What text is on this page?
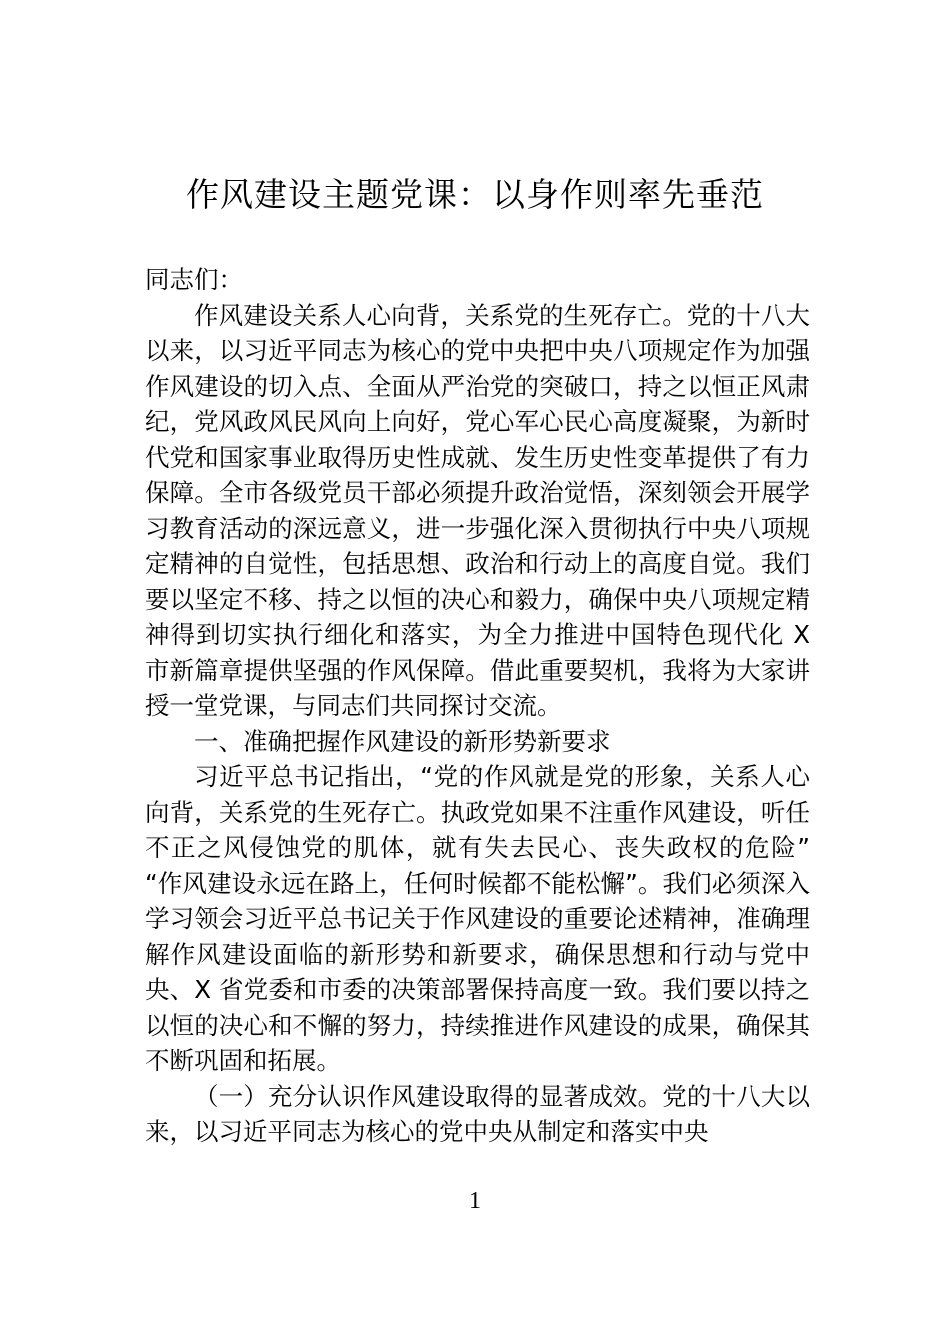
作风建设主题党课：以身作则率先垂范

同志们：

作风建设关系人心向背，关系党的生死存亡。党的十八大以来，以习近平同志为核心的党中央把中央八项规定作为加强作风建设的切入点、全面从严治党的突破口，持之以恒正风肃纪，党风政风民风向上向好，党心军心民心高度凝聚，为新时代党和国家事业取得历史性成就、发生历史性变革提供了有力保障。全市各级党员干部必须提升政治觉悟，深刻领会开展学习教育活动的深远意义，进一步强化深入贯彻执行中央八项规定精神的自觉性，包括思想、政治和行动上的高度自觉。我们要以坚定不移、持之以恒的决心和毅力，确保中央八项规定精神得到切实执行细化和落实，为全力推进中国特色现代化 X 市新篇章提供坚强的作风保障。借此重要契机，我将为大家讲授一堂党课，与同志们共同探讨交流。

一、准确把握作风建设的新形势新要求

习近平总书记指出，“党的作风就是党的形象，关系人心向背，关系党的生死存亡。执政党如果不注重作风建设，听任不正之风侵蚀党的肌体，就有失去民心、丧失政权的危险” “作风建设永远在路上，任何时候都不能松懈”。我们必须深入学习领会习近平总书记关于作风建设的重要论述精神，准确理解作风建设面临的新形势和新要求，确保思想和行动与党中央、X 省党委和市委的决策部署保持高度一致。我们要以持之以恒的决心和不懈的努力，持续推进作风建设的成果，确保其不断巩固和拓展。

（一）充分认识作风建设取得的显著成效。党的十八大以来，以习近平同志为核心的党中央从制定和落实中央

1
